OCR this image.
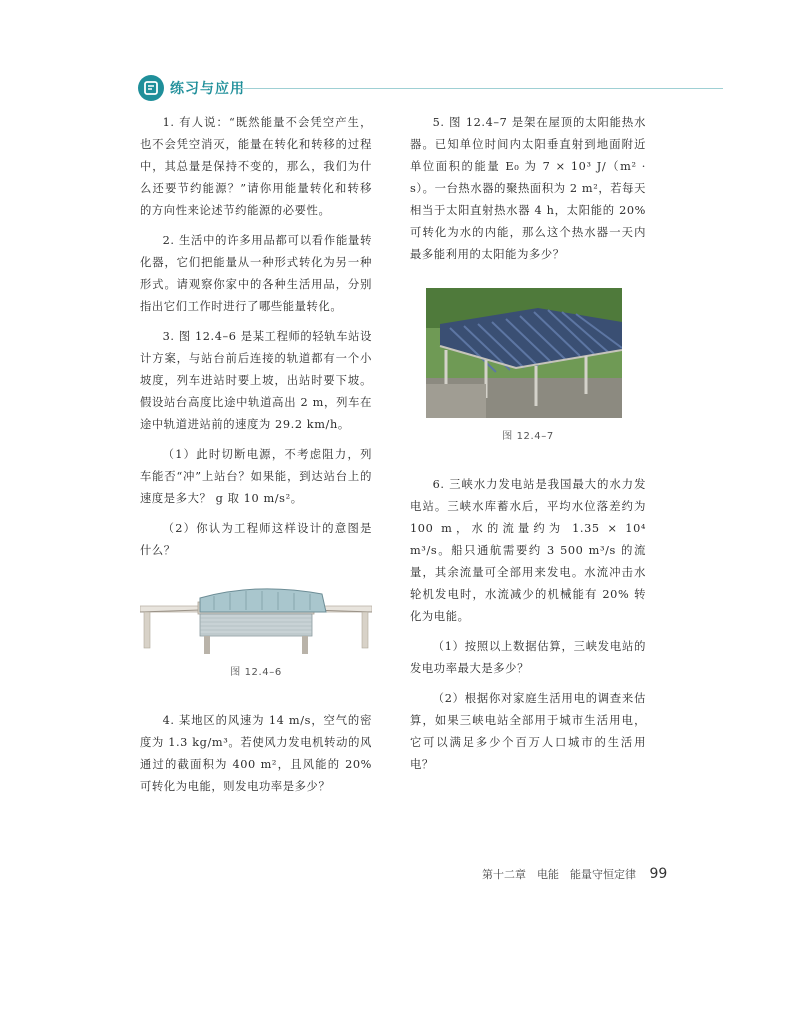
练习与应用

1. 有人说：“既然能量不会凭空产生，也不会凭空消灭，能量在转化和转移的过程中，其总量是保持不变的，那么，我们为什么还要节约能源？”请你用能量转化和转移的方向性来论述节约能源的必要性。

2. 生活中的许多用品都可以看作能量转化器，它们把能量从一种形式转化为另一种形式。请观察你家中的各种生活用品，分别指出它们工作时进行了哪些能量转化。

3. 图 12.4–6 是某工程师的轻轨车站设计方案，与站台前后连接的轨道都有一个小坡度，列车进站时要上坡，出站时要下坡。假设站台高度比途中轨道高出 2 m，列车在途中轨道进站前的速度为 29.2 km/h。

（1）此时切断电源，不考虑阻力，列车能否“冲”上站台？如果能，到达站台上的速度是多大？ g 取 10 m/s²。

（2）你认为工程师这样设计的意图是什么？

图 12.4–6

4. 某地区的风速为 14 m/s，空气的密度为 1.3 kg/m³。若使风力发电机转动的风通过的截面积为 400 m²，且风能的 20% 可转化为电能，则发电功率是多少？

5. 图 12.4–7 是架在屋顶的太阳能热水器。已知单位时间内太阳垂直射到地面附近单位面积的能量 E₀ 为 7 × 10³ J/（m² · s）。一台热水器的聚热面积为 2 m²，若每天相当于太阳直射热水器 4 h，太阳能的 20% 可转化为水的内能，那么这个热水器一天内最多能利用的太阳能为多少？

图 12.4–7

6. 三峡水力发电站是我国最大的水力发电站。三峡水库蓄水后，平均水位落差约为 100 m，水的流量约为 1.35 × 10⁴ m³/s。船只通航需要约 3 500 m³/s 的流量，其余流量可全部用来发电。水流冲击水轮机发电时，水流减少的机械能有 20% 转化为电能。

（1）按照以上数据估算，三峡发电站的发电功率最大是多少？

（2）根据你对家庭生活用电的调查来估算，如果三峡电站全部用于城市生活用电，它可以满足多少个百万人口城市的生活用电？

第十二章　电能　能量守恒定律 99
